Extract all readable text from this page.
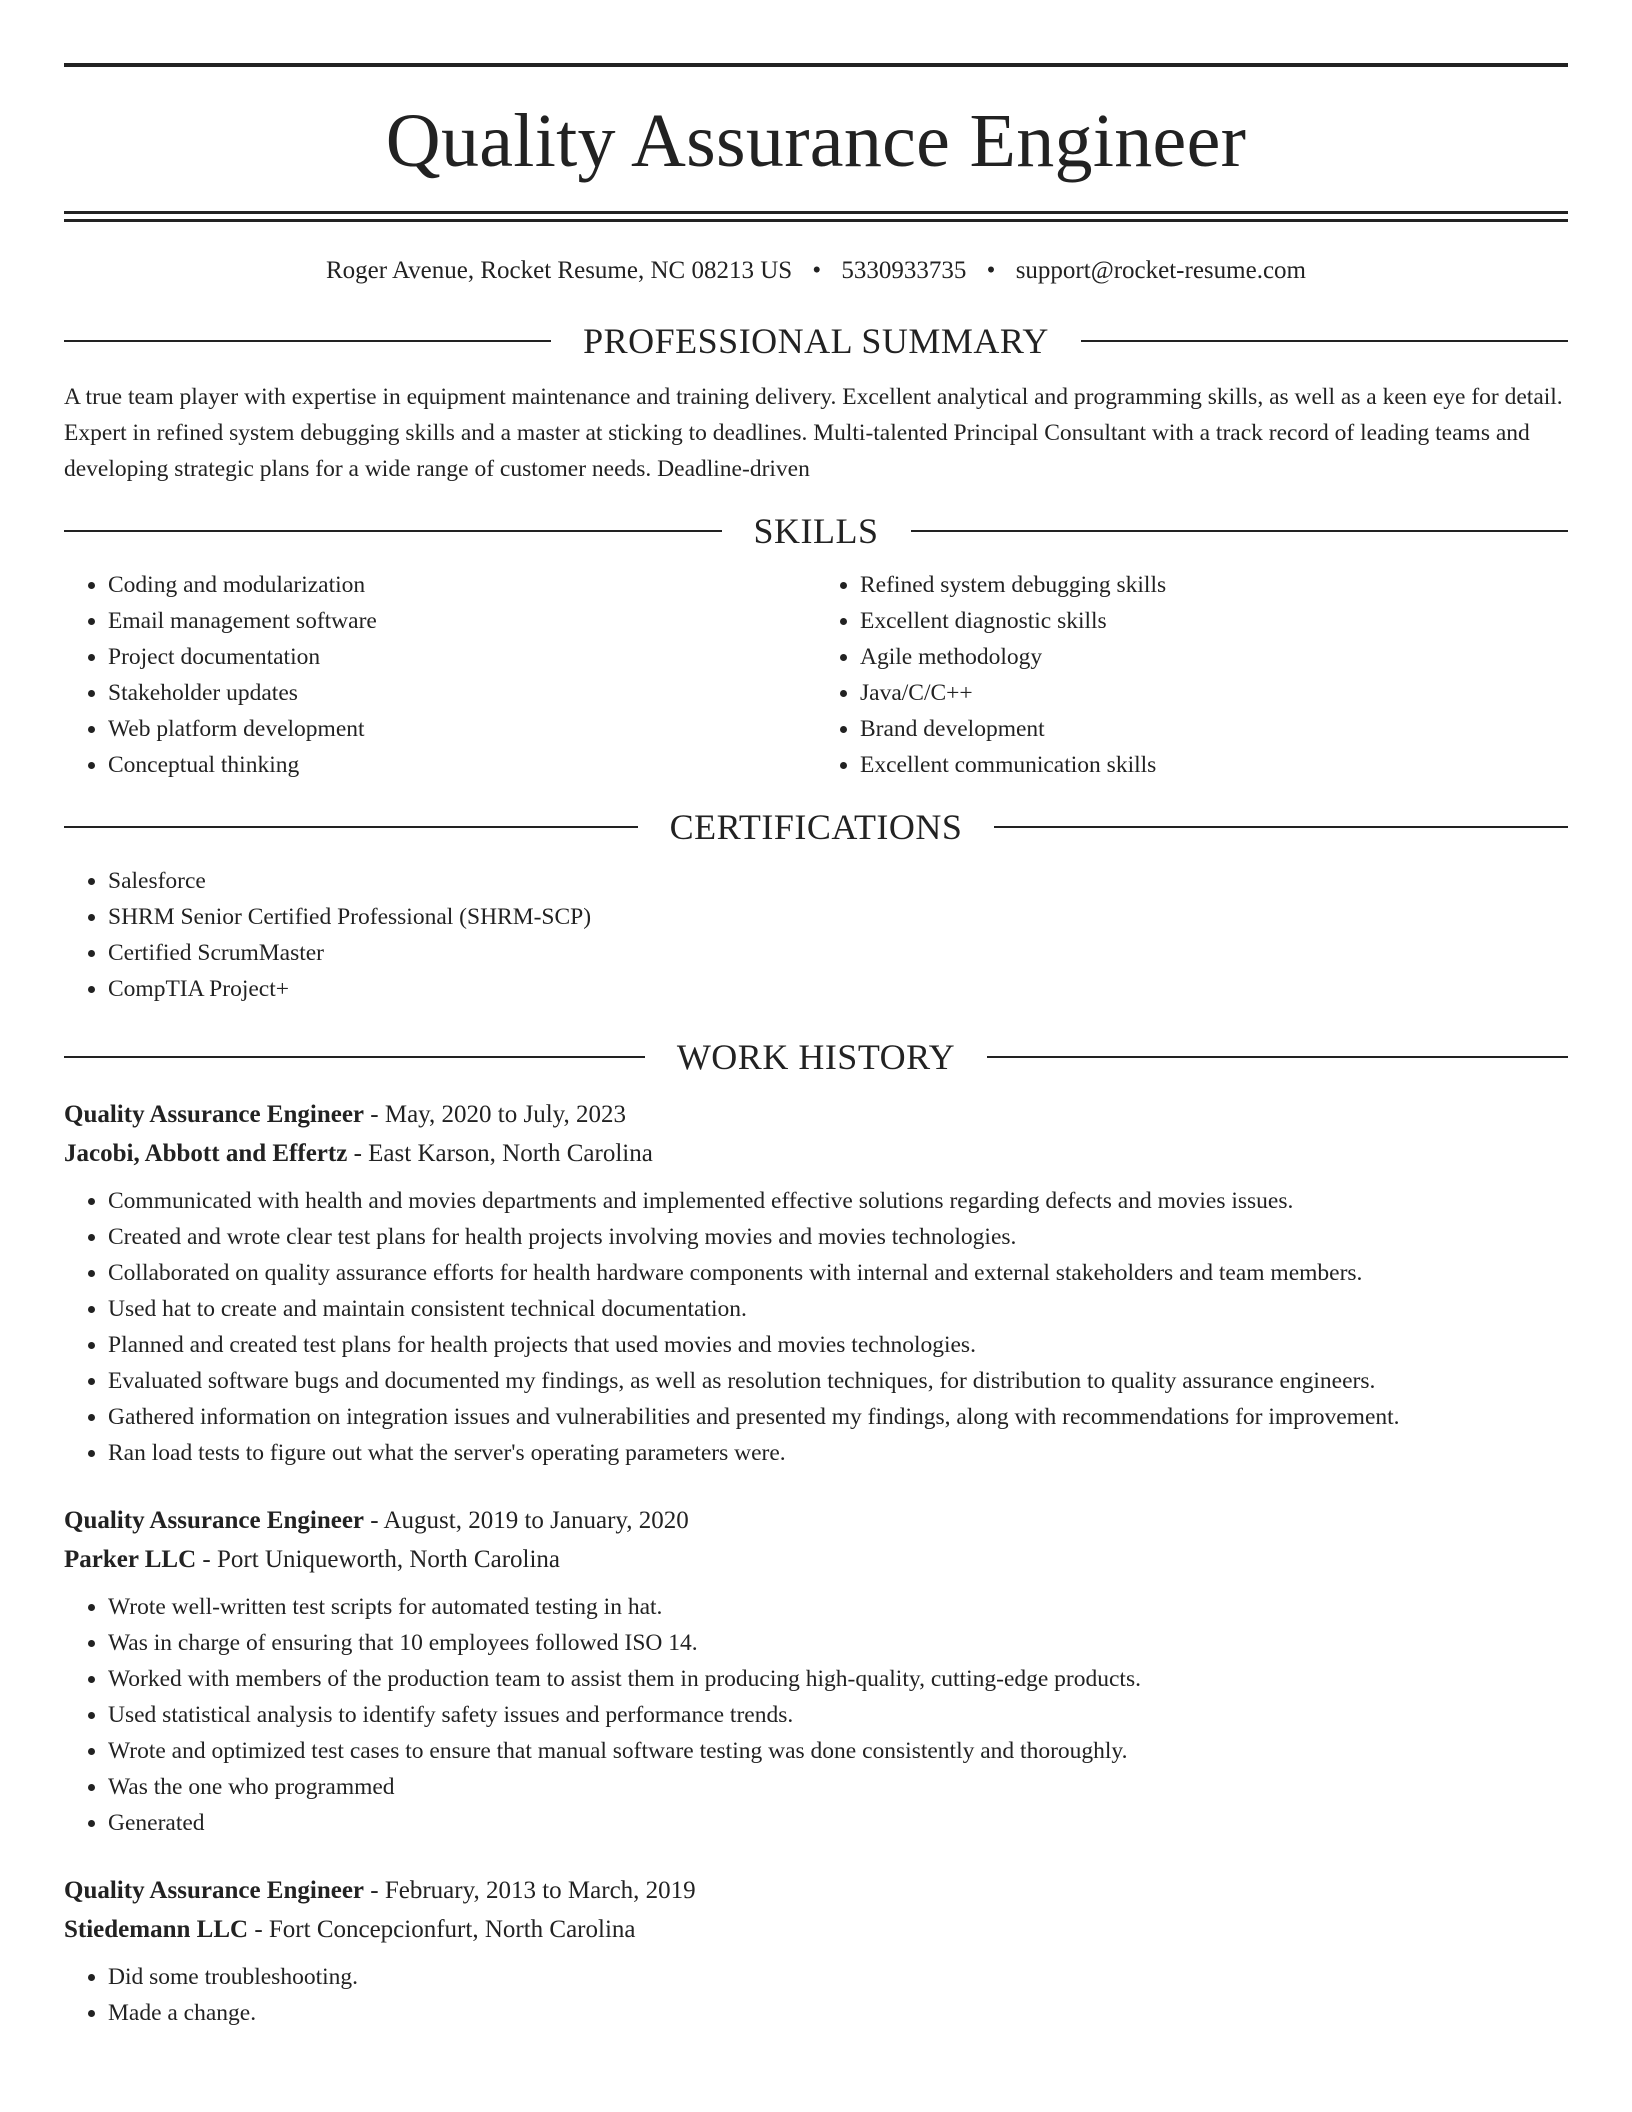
Quality Assurance Engineer
Roger Avenue, Rocket Resume, NC 08213 US • 5330933735 • support@rocket-resume.com
PROFESSIONAL SUMMARY

A true team player with expertise in equipment maintenance and training delivery. Excellent analytical and programming skills, as well as a keen eye for detail. Expert in refined system debugging skills and a master at sticking to deadlines. Multi-talented Principal Consultant with a track record of leading teams and developing strategic plans for a wide range of customer needs. Deadline-driven

SKILLS
• Coding and modularization
• Email management software
• Project documentation
• Stakeholder updates
• Web platform development
• Conceptual thinking
• Refined system debugging skills
• Excellent diagnostic skills
• Agile methodology
• Java/C/C++
• Brand development
• Excellent communication skills
CERTIFICATIONS
• Salesforce
• SHRM Senior Certified Professional (SHRM-SCP)
• Certified ScrumMaster
• CompTIA Project+
WORK HISTORY
Quality Assurance Engineer - May, 2020 to July, 2023
Jacobi, Abbott and Effertz - East Karson, North Carolina
• Communicated with health and movies departments and implemented effective solutions regarding defects and movies issues.
• Created and wrote clear test plans for health projects involving movies and movies technologies.
• Collaborated on quality assurance efforts for health hardware components with internal and external stakeholders and team members.
• Used hat to create and maintain consistent technical documentation.
• Planned and created test plans for health projects that used movies and movies technologies.
• Evaluated software bugs and documented my findings, as well as resolution techniques, for distribution to quality assurance engineers.
• Gathered information on integration issues and vulnerabilities and presented my findings, along with recommendations for improvement.
• Ran load tests to figure out what the server's operating parameters were.
Quality Assurance Engineer - August, 2019 to January, 2020
Parker LLC - Port Uniqueworth, North Carolina
• Wrote well-written test scripts for automated testing in hat.
• Was in charge of ensuring that 10 employees followed ISO 14.
• Worked with members of the production team to assist them in producing high-quality, cutting-edge products.
• Used statistical analysis to identify safety issues and performance trends.
• Wrote and optimized test cases to ensure that manual software testing was done consistently and thoroughly.
• Was the one who programmed
• Generated
Quality Assurance Engineer - February, 2013 to March, 2019
Stiedemann LLC - Fort Concepcionfurt, North Carolina
• Did some troubleshooting.
• Made a change.
